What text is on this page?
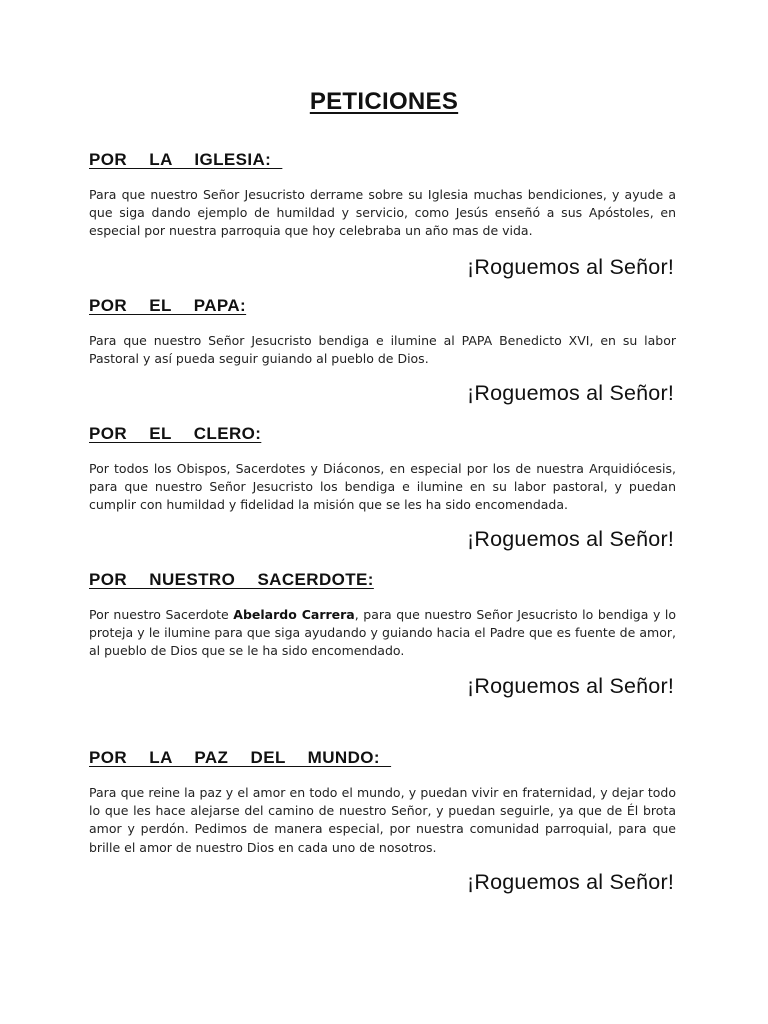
PETICIONES
POR  LA  IGLESIA:
Para que nuestro Señor Jesucristo derrame sobre su Iglesia muchas bendiciones, y ayude a que siga dando ejemplo de humildad y servicio, como Jesús enseñó a sus Apóstoles, en especial por nuestra parroquia que hoy celebraba un año mas de vida.
¡Roguemos al Señor!
POR  EL  PAPA:
Para que nuestro Señor Jesucristo bendiga e ilumine al PAPA Benedicto XVI, en su labor Pastoral y así pueda seguir guiando al pueblo de Dios.
¡Roguemos al Señor!
POR  EL  CLERO:
Por todos los Obispos, Sacerdotes y Diáconos, en especial por los de nuestra Arquidiócesis, para que nuestro Señor Jesucristo los bendiga e ilumine en su labor pastoral, y puedan cumplir con humildad y fidelidad la misión que se les ha sido encomendada.
¡Roguemos al Señor!
POR  NUESTRO  SACERDOTE:
Por nuestro Sacerdote Abelardo Carrera, para que nuestro Señor Jesucristo lo bendiga y lo proteja y le ilumine para que siga ayudando y guiando hacia el Padre que es fuente de amor, al pueblo de Dios que se le ha sido encomendado.
¡Roguemos al Señor!
POR  LA  PAZ  DEL  MUNDO:
Para que reine la paz y el amor en todo el mundo, y puedan vivir en fraternidad, y dejar todo lo que les hace alejarse del camino de nuestro Señor, y puedan seguirle, ya que de Él brota amor y perdón. Pedimos de manera especial, por nuestra comunidad parroquial, para que brille el amor de nuestro Dios en cada uno de nosotros.
¡Roguemos al Señor!
